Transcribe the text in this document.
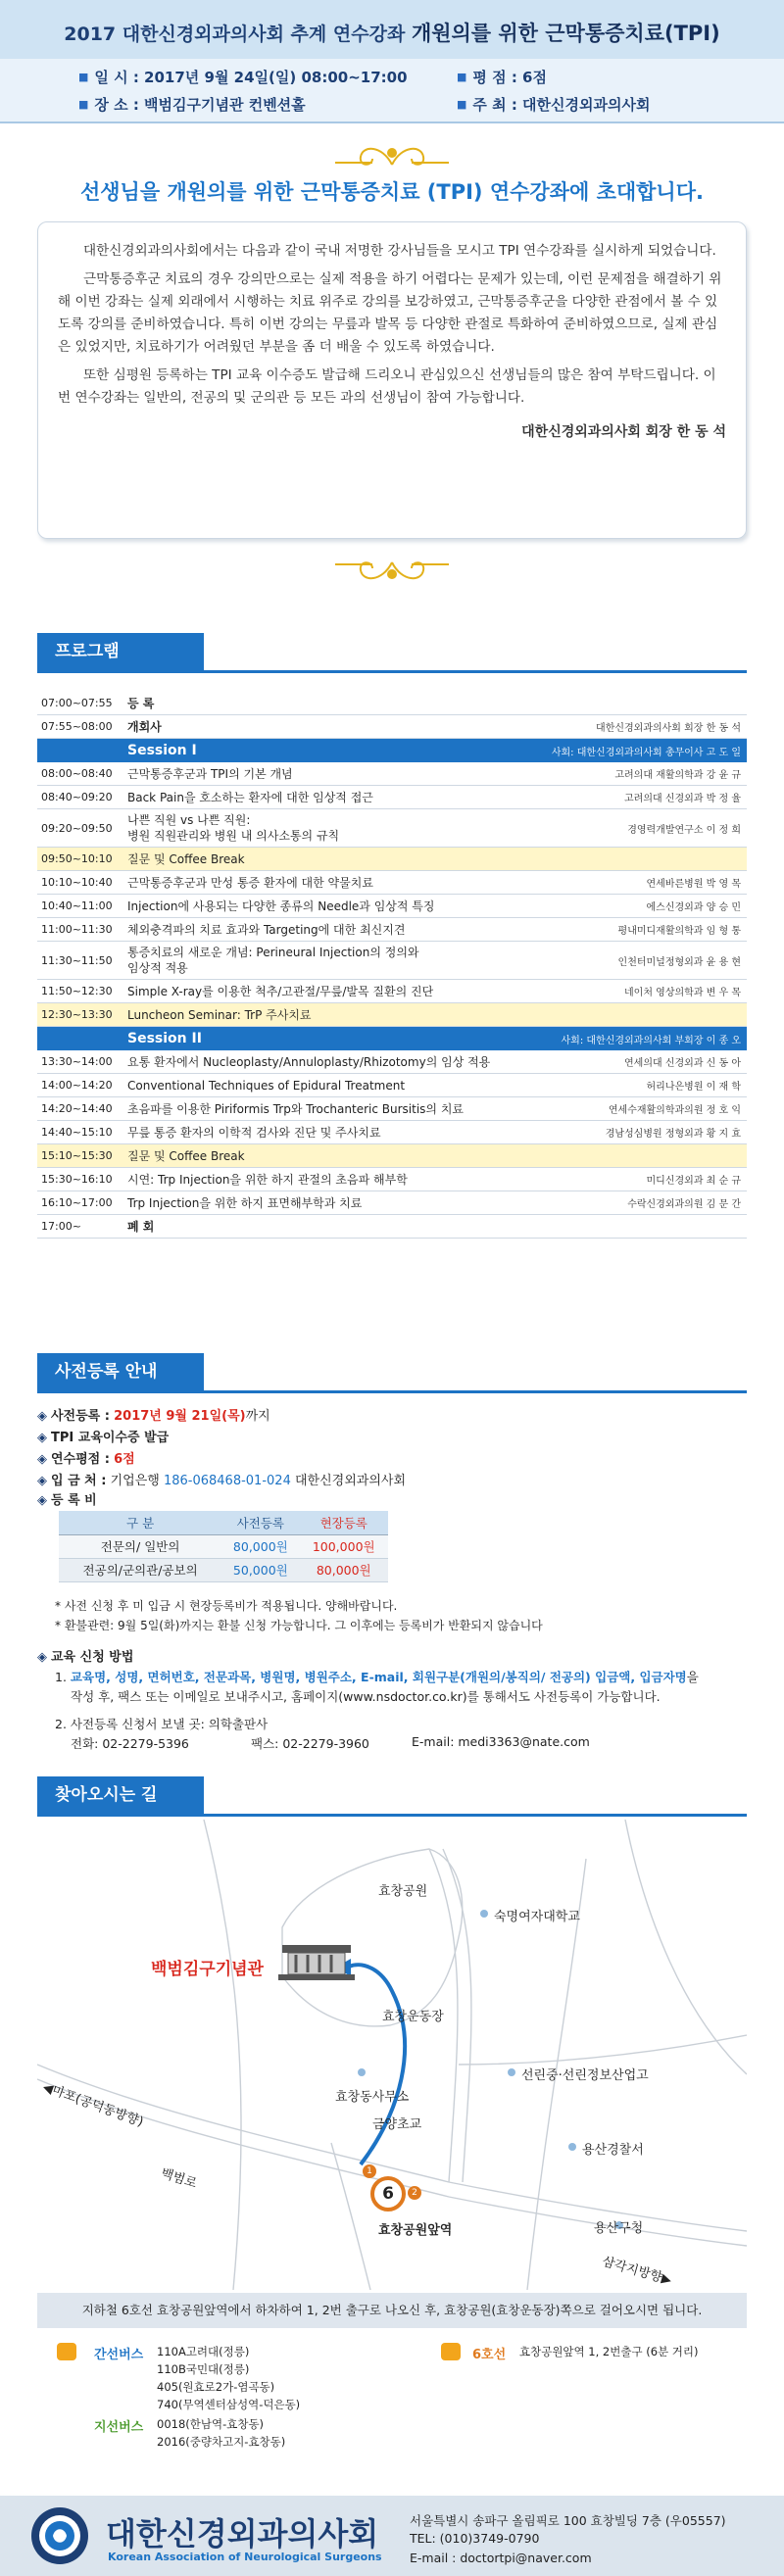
2017 대한신경외과의사회 추계 연수강좌 개원의를 위한 근막통증치료(TPI)
■ 일 시 : 2017년 9월 24일(일) 08:00~17:00
■ 장 소 : 백범김구기념관 컨벤션홀
■ 평 점 : 6점
■ 주 최 : 대한신경외과의사회
선생님을 개원의를 위한 근막통증치료 (TPI) 연수강좌에 초대합니다.

대한신경외과의사회에서는 다음과 같이 국내 저명한 강사님들을 모시고 TPI 연수강좌를 실시하게 되었습니다.

근막통증후군 치료의 경우 강의만으로는 실제 적용을 하기 어렵다는 문제가 있는데, 이런 문제점을 해결하기 위해 이번 강좌는 실제 외래에서 시행하는 치료 위주로 강의를 보강하였고, 근막통증후군을 다양한 관점에서 볼 수 있도록 강의를 준비하였습니다. 특히 이번 강의는 무릎과 발목 등 다양한 관절로 특화하여 준비하였으므로, 실제 관심은 있었지만, 치료하기가 어려웠던 부분을 좀 더 배울 수 있도록 하였습니다.

또한 심평원 등록하는 TPI 교육 이수증도 발급해 드리오니 관심있으신 선생님들의 많은 참여 부탁드립니다. 이번 연수강좌는 일반의, 전공의 및 군의관 등 모든 과의 선생님이 참여 가능합니다.

대한신경외과의사회 회장 한 동 석

프로그램
07:00~07:55	등 록
07:55~08:00	개회사	대한신경외과의사회 회장 한 동 석
Session I	사회: 대한신경외과의사회 총무이사 고 도 일
08:00~08:40	근막통증후군과 TPI의 기본 개념	고려의대 재활의학과 강 윤 규
08:40~09:20	Back Pain을 호소하는 환자에 대한 임상적 접근	고려의대 신경외과 박 정 율
09:20~09:50
나쁜 직원 vs 나쁜 직원:
병원 직원관리와 병원 내 의사소통의 규칙	경영력개발연구소 이 정 희
09:50~10:10	질문 및 Coffee Break
10:10~10:40	근막통증후군과 만성 통증 환자에 대한 약물치료	연세바른병원 박 영 목
10:40~11:00	Injection에 사용되는 다양한 종류의 Needle과 임상적 특징	에스신경외과 양 승 민
11:00~11:30	체외충격파의 치료 효과와 Targeting에 대한 최신지견	평내미디재활의학과 임 형 통
11:30~11:50
통증치료의 새로운 개념: Perineural Injection의 정의와
임상적 적용	인천터미널정형외과 윤 용 현
11:50~12:30	Simple X-ray를 이용한 척추/고관절/무릎/발목 질환의 진단	네이처 영상의학과 변 우 목
12:30~13:30	Luncheon Seminar: TrP 주사치료
Session II	사회: 대한신경외과의사회 부회장 이 종 오
13:30~14:00	요통 환자에서 Nucleoplasty/Annuloplasty/Rhizotomy의 임상 적용	연세의대 신경외과 신 동 아
14:00~14:20	Conventional Techniques of Epidural Treatment	허리나은병원 이 재 학
14:20~14:40	초음파를 이용한 Piriformis Trp와 Trochanteric Bursitis의 치료	연세수재활의학과의원 정 호 익
14:40~15:10	무릎 통증 환자의 이학적 검사와 진단 및 주사치료	경남성심병원 정형외과 황 지 효
15:10~15:30	질문 및 Coffee Break
15:30~16:10	시연: Trp Injection을 위한 하지 관절의 초음파 해부학	미디신경외과 최 순 규
16:10~17:00	Trp Injection을 위한 하지 표면해부학과 치료	수락신경외과의원 김 문 간
17:00~	폐 회
사전등록 안내
◈ 사전등록 : 2017년 9월 21일(목)까지
◈ TPI 교육이수증 발급
◈ 연수평점 : 6점
◈ 입 금 처 : 기업은행 186-068468-01-024 대한신경외과의사회
◈ 등 록 비
구 분	사전등록	현장등록
전문의/ 일반의	80,000원	100,000원
전공의/군의관/공보의	50,000원	80,000원
* 사전 신청 후 미 입금 시 현장등록비가 적용됩니다. 양해바랍니다.
* 환불관련: 9월 5일(화)까지는 환불 신청 가능합니다. 그 이후에는 등록비가 반환되지 않습니다
◈ 교육 신청 방법
1. 교육명, 성명, 면허번호, 전문과목, 병원명, 병원주소, E-mail, 회원구분(개원의/봉직의/ 전공의) 입금액, 입금자명을
작성 후, 팩스 또는 이메일로 보내주시고, 홈페이지(www.nsdoctor.co.kr)를 통해서도 사전등록이 가능합니다.
2. 사전등록 신청서 보낼 곳: 의학출판사
전화: 02-2279-5396	팩스: 02-2279-3960	E-mail: medi3363@nate.com
찾아오시는 길
백범김구기념관
효창공원
숙명여자대학교
효창운동장
선린중·선린정보산업고
효창동사무소
금양초교
용산경찰서
용산구청
효창공원앞역
◀마포(공덕동방향)
백범로
삼각지방향▶
6
1
2
지하철 6호선 효창공원앞역에서 하차하여 1, 2번 출구로 나오신 후, 효창공원(효창운동장)쪽으로 걸어오시면 됩니다.
간선버스 110A고려대(정릉)
110B국민대(정릉)
405(원효로2가-염곡동)
740(무역센터삼성역-덕은동)
지선버스 0018(한남역-효창동)
2016(중량차고지-효창동)
6호선 효창공원앞역 1, 2번출구 (6분 거리)
대한신경외과의사회
Korean Association of Neurological Surgeons
서울특별시 송파구 올림픽로 100 효창빌딩 7층 (우05557)
TEL: (010)3749-0790
E-mail : doctortpi@naver.com
